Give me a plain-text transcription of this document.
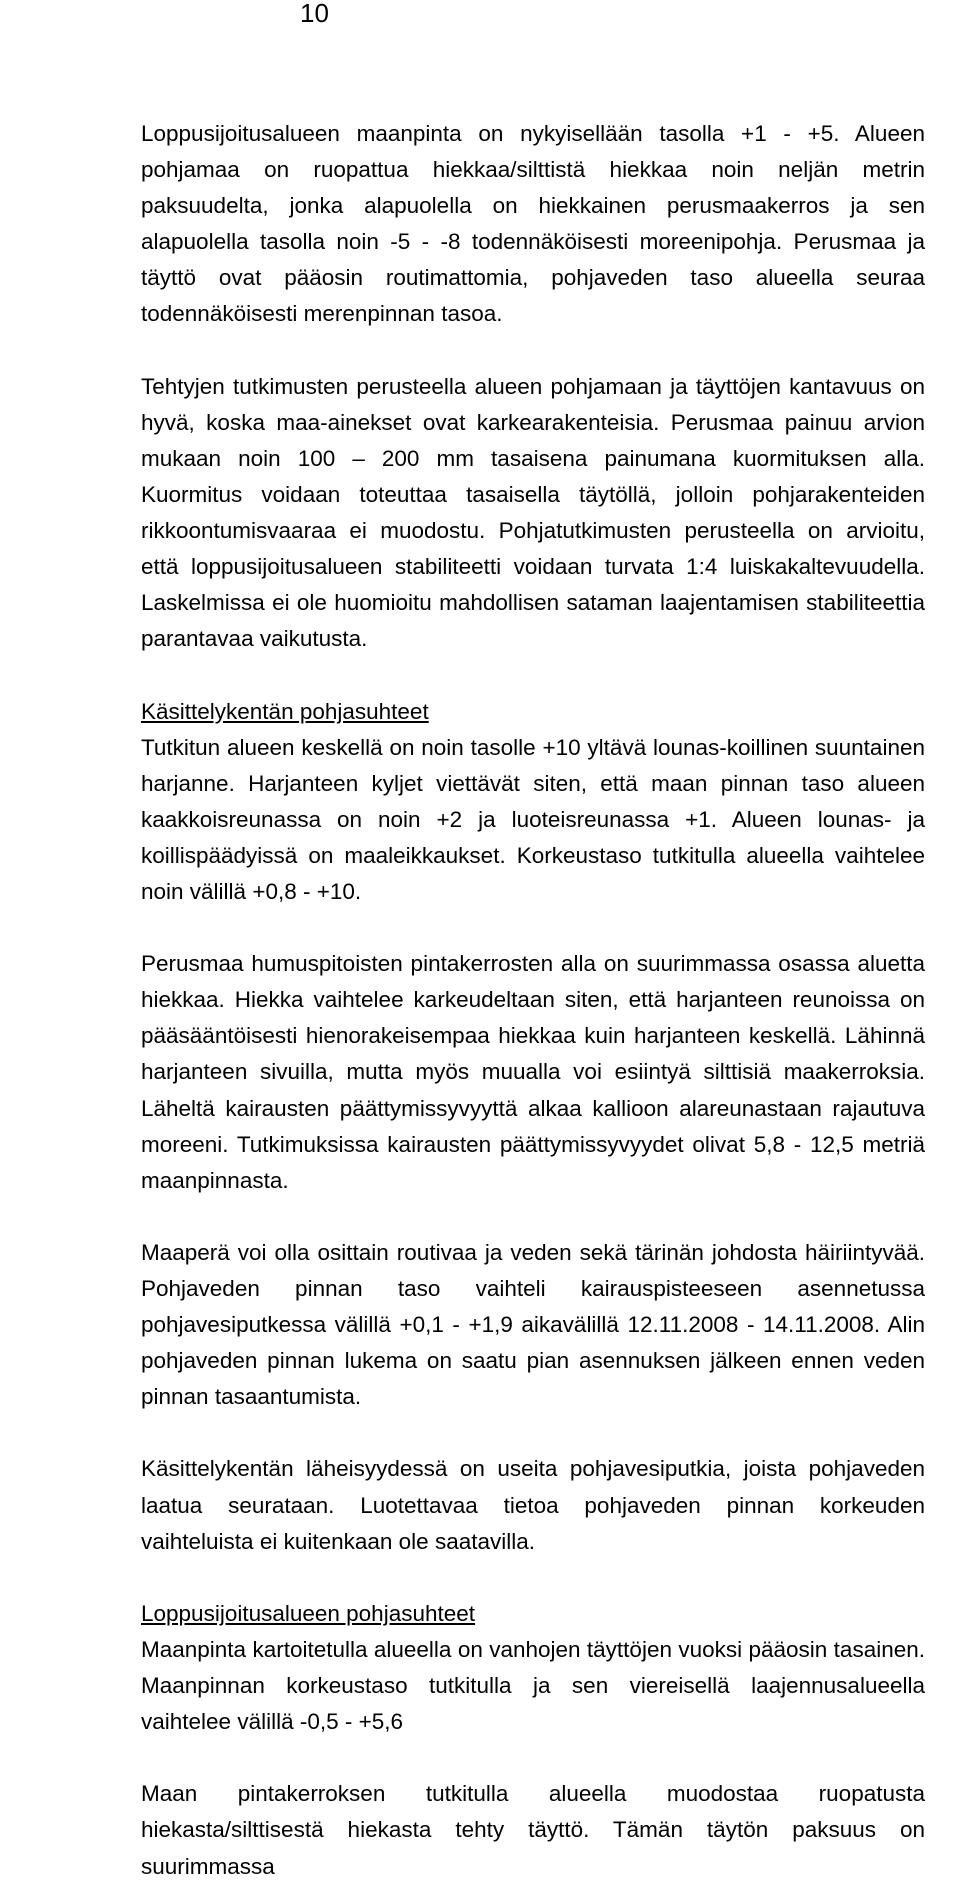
10

Loppusijoitusalueen maanpinta on nykyisellään tasolla +1 - +5. Alueen pohjamaa on ruopattua hiekkaa/silttistä hiekkaa noin neljän metrin paksuudelta, jonka alapuolella on hiekkainen perusmaakerros ja sen alapuolella tasolla noin -5 - -8 todennäköisesti moreenipohja. Perusmaa ja täyttö ovat pääosin routimattomia, pohjaveden taso alueella seuraa todennäköisesti merenpinnan tasoa.

Tehtyjen tutkimusten perusteella alueen pohjamaan ja täyttöjen kantavuus on hyvä, koska maa-ainekset ovat karkearakenteisia. Perusmaa painuu arvion mukaan noin 100 – 200 mm tasaisena painumana kuormituksen alla. Kuormitus voidaan toteuttaa tasaisella täytöllä, jolloin pohjarakenteiden rikkoontumisvaaraa ei muodostu. Pohjatutkimusten perusteella on arvioitu, että loppusijoitusalueen stabiliteetti voidaan turvata 1:4 luiskakaltevuudella. Laskelmissa ei ole huomioitu mahdollisen sataman laajentamisen stabiliteettia parantavaa vaikutusta.

Käsittelykentän pohjasuhteet

Tutkitun alueen keskellä on noin tasolle +10 yltävä lounas-koillinen suuntainen harjanne. Harjanteen kyljet viettävät siten, että maan pinnan taso alueen kaakkoisreunassa on noin +2 ja luoteisreunassa +1. Alueen lounas- ja koillispäädyissä on maaleikkaukset. Korkeustaso tutkitulla alueella vaihtelee noin välillä +0,8 - +10.

Perusmaa humuspitoisten pintakerrosten alla on suurimmassa osassa aluetta hiekkaa. Hiekka vaihtelee karkeudeltaan siten, että harjanteen reunoissa on pääsääntöisesti hienorakeisempaa hiekkaa kuin harjanteen keskellä. Lähinnä harjanteen sivuilla, mutta myös muualla voi esiintyä silttisiä maakerroksia. Läheltä kairausten päättymissyvyyttä alkaa kallioon alareunastaan rajautuva moreeni. Tutkimuksissa kairausten päättymissyvyydet olivat 5,8 - 12,5 metriä maanpinnasta.

Maaperä voi olla osittain routivaa ja veden sekä tärinän johdosta häiriintyvää. Pohjaveden pinnan taso vaihteli kairauspisteeseen asennetussa pohjavesiputkessa välillä +0,1 - +1,9 aikavälillä 12.11.2008 - 14.11.2008. Alin pohjaveden pinnan lukema on saatu pian asennuksen jälkeen ennen veden pinnan tasaantumista.

Käsittelykentän läheisyydessä on useita pohjavesiputkia, joista pohjaveden laatua seurataan. Luotettavaa tietoa pohjaveden pinnan korkeuden vaihteluista ei kuitenkaan ole saatavilla.

Loppusijoitusalueen pohjasuhteet

Maanpinta kartoitetulla alueella on vanhojen täyttöjen vuoksi pääosin tasainen. Maanpinnan korkeustaso tutkitulla ja sen viereisellä laajennusalueella vaihtelee välillä -0,5 - +5,6

Maan pintakerroksen tutkitulla alueella muodostaa ruopatusta hiekasta/silttisestä hiekasta tehty täyttö. Tämän täytön paksuus on suurimmassa
